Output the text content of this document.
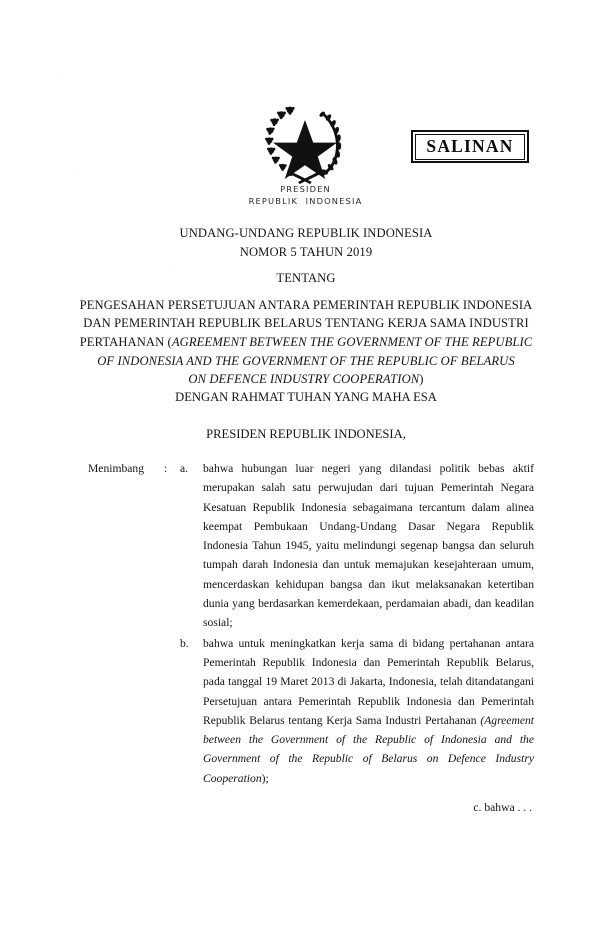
SALINAN
PRESIDEN
REPUBLIK  INDONESIA
UNDANG-UNDANG REPUBLIK INDONESIA
NOMOR 5 TAHUN 2019
TENTANG
PENGESAHAN PERSETUJUAN ANTARA PEMERINTAH REPUBLIK INDONESIA
DAN PEMERINTAH REPUBLIK BELARUS TENTANG KERJA SAMA INDUSTRI
PERTAHANAN (AGREEMENT BETWEEN THE GOVERNMENT OF THE REPUBLIC
OF INDONESIA AND THE GOVERNMENT OF THE REPUBLIC OF BELARUS
ON DEFENCE INDUSTRY COOPERATION)
DENGAN RAHMAT TUHAN YANG MAHA ESA
PRESIDEN REPUBLIK INDONESIA,
Menimbang	:	a.	bahwa hubungan luar negeri yang dilandasi politik bebas aktif merupakan salah satu perwujudan dari tujuan Pemerintah Negara Kesatuan Republik Indonesia sebagaimana tercantum dalam alinea keempat Pembukaan Undang-Undang Dasar Negara Republik Indonesia Tahun 1945, yaitu melindungi segenap bangsa dan seluruh tumpah darah Indonesia dan untuk memajukan kesejahteraan umum, mencerdaskan kehidupan bangsa dan ikut melaksanakan ketertiban dunia yang berdasarkan kemerdekaan, perdamaian abadi, dan keadilan sosial;
b.	bahwa untuk meningkatkan kerja sama di bidang pertahanan antara Pemerintah Republik Indonesia dan Pemerintah Republik Belarus, pada tanggal 19 Maret 2013 di Jakarta, Indonesia, telah ditandatangani Persetujuan antara Pemerintah Republik Indonesia dan Pemerintah Republik Belarus tentang Kerja Sama Industri Pertahanan (Agreement between the Government of the Republic of Indonesia and the Government of the Republic of Belarus on Defence Industry Cooperation);
c. bahwa . . .
